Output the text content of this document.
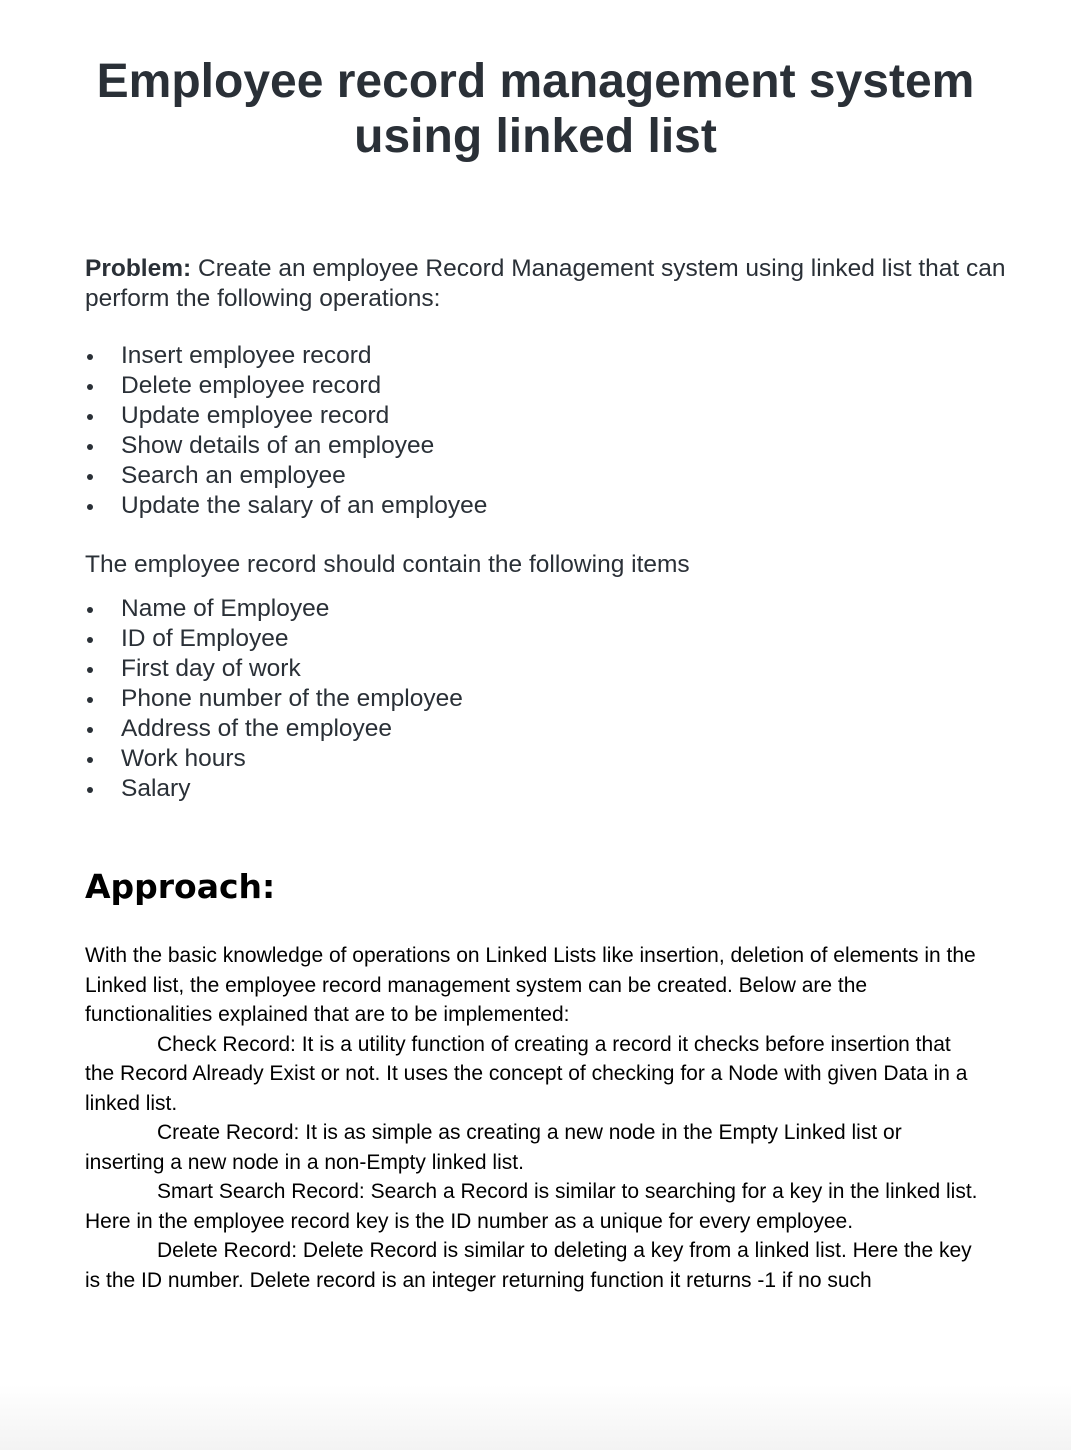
Employee record management system using linked list

Problem: Create an employee Record Management system using linked list that can perform the following operations:

Insert employee record
Delete employee record
Update employee record
Show details of an employee
Search an employee
Update the salary of an employee

The employee record should contain the following items

Name of Employee
ID of Employee
First day of work
Phone number of the employee
Address of the employee
Work hours
Salary
Approach:

With the basic knowledge of operations on Linked Lists like insertion, deletion of elements in the Linked list, the employee record management system can be created. Below are the functionalities explained that are to be implemented:

Check Record: It is a utility function of creating a record it checks before insertion that the Record Already Exist or not. It uses the concept of checking for a Node with given Data in a linked list.

Create Record: It is as simple as creating a new node in the Empty Linked list or inserting a new node in a non-Empty linked list.

Smart Search Record: Search a Record is similar to searching for a key in the linked list. Here in the employee record key is the ID number as a unique for every employee.

Delete Record: Delete Record is similar to deleting a key from a linked list. Here the key is the ID number. Delete record is an integer returning function it returns -1 if no such
